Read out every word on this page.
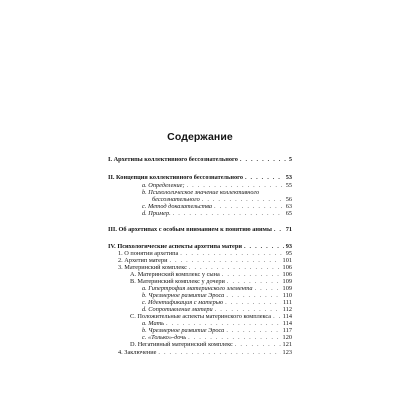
Содержание
I. Архетипы коллективного бессознательного . . .	5
II. Концепция коллективного бессознательного . . .	53
a. Определение; . . .	55
b. Психологическое значение коллективного
бессознательного . . .	56
c. Метод доказательства . . .	63
d. Пример. . . .	65
III. Об архетипах с особым вниманием к понятию анимы . . . 71
IV. Психологические аспекты архетипа матери . . .	93
1. О понятии архетипа . . .	95
2. Архетип матери . . .	101
3. Материнский комплекс . . .	106
A. Материнский комплекс у сына . . .	106
B. Материнский комплекс у дочери . . .	109
a. Гипертрофия материнского элемента . . .	109
b. Чрезмерное развитие Эроса . . .	110
c. Идентификация с матерью . . .	111
d. Сопротивление матери . . .	112
C. Положительные аспекты материнского комплекса . . . 114
a. Мать . . .	114
b. Чрезмерное развитие Эроса . . .	117
c. «Только»-дочь . . .	120
D. Негативный материнский комплекс . . .	121
4. Заключение . . .	123
